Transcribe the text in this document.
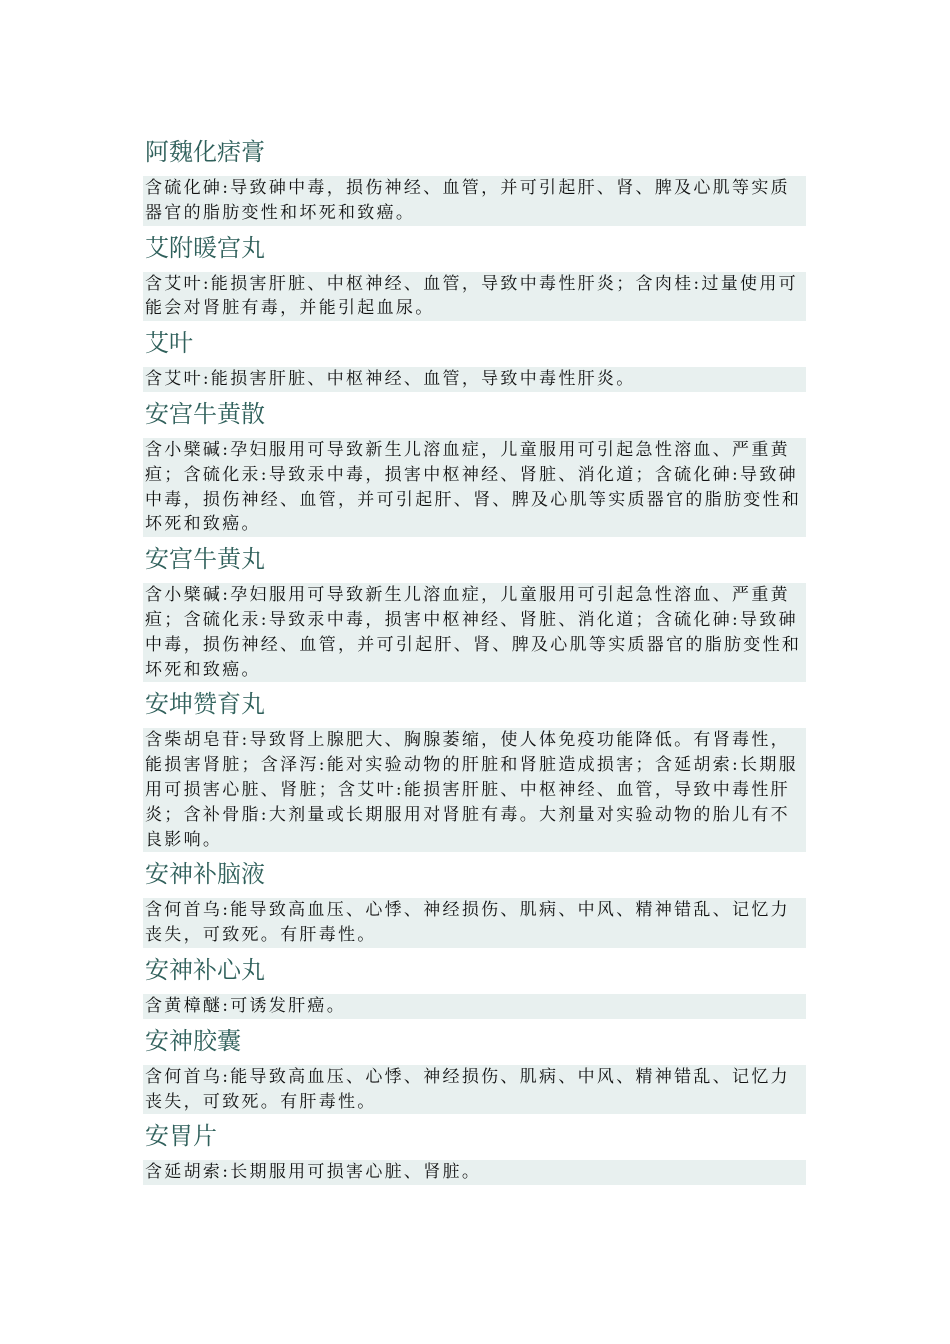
阿魏化痞膏

含硫化砷:导致砷中毒，损伤神经、血管，并可引起肝、肾、脾及心肌等实质器官的脂肪变性和坏死和致癌。

艾附暖宫丸

含艾叶:能损害肝脏、中枢神经、血管，导致中毒性肝炎；含肉桂:过量使用可能会对肾脏有毒，并能引起血尿。

艾叶

含艾叶:能损害肝脏、中枢神经、血管，导致中毒性肝炎。

安宫牛黄散

含小檗碱:孕妇服用可导致新生儿溶血症，儿童服用可引起急性溶血、严重黄疸；含硫化汞:导致汞中毒，损害中枢神经、肾脏、消化道；含硫化砷:导致砷中毒，损伤神经、血管，并可引起肝、肾、脾及心肌等实质器官的脂肪变性和坏死和致癌。

安宫牛黄丸

含小檗碱:孕妇服用可导致新生儿溶血症，儿童服用可引起急性溶血、严重黄疸；含硫化汞:导致汞中毒，损害中枢神经、肾脏、消化道；含硫化砷:导致砷中毒，损伤神经、血管，并可引起肝、肾、脾及心肌等实质器官的脂肪变性和坏死和致癌。

安坤赞育丸

含柴胡皂苷:导致肾上腺肥大、胸腺萎缩，使人体免疫功能降低。有肾毒性，能损害肾脏；含泽泻:能对实验动物的肝脏和肾脏造成损害；含延胡索:长期服用可损害心脏、肾脏；含艾叶:能损害肝脏、中枢神经、血管，导致中毒性肝炎；含补骨脂:大剂量或长期服用对肾脏有毒。大剂量对实验动物的胎儿有不良影响。

安神补脑液

含何首乌:能导致高血压、心悸、神经损伤、肌病、中风、精神错乱、记忆力丧失，可致死。有肝毒性。

安神补心丸

含黄樟醚:可诱发肝癌。

安神胶囊

含何首乌:能导致高血压、心悸、神经损伤、肌病、中风、精神错乱、记忆力丧失，可致死。有肝毒性。

安胃片

含延胡索:长期服用可损害心脏、肾脏。
